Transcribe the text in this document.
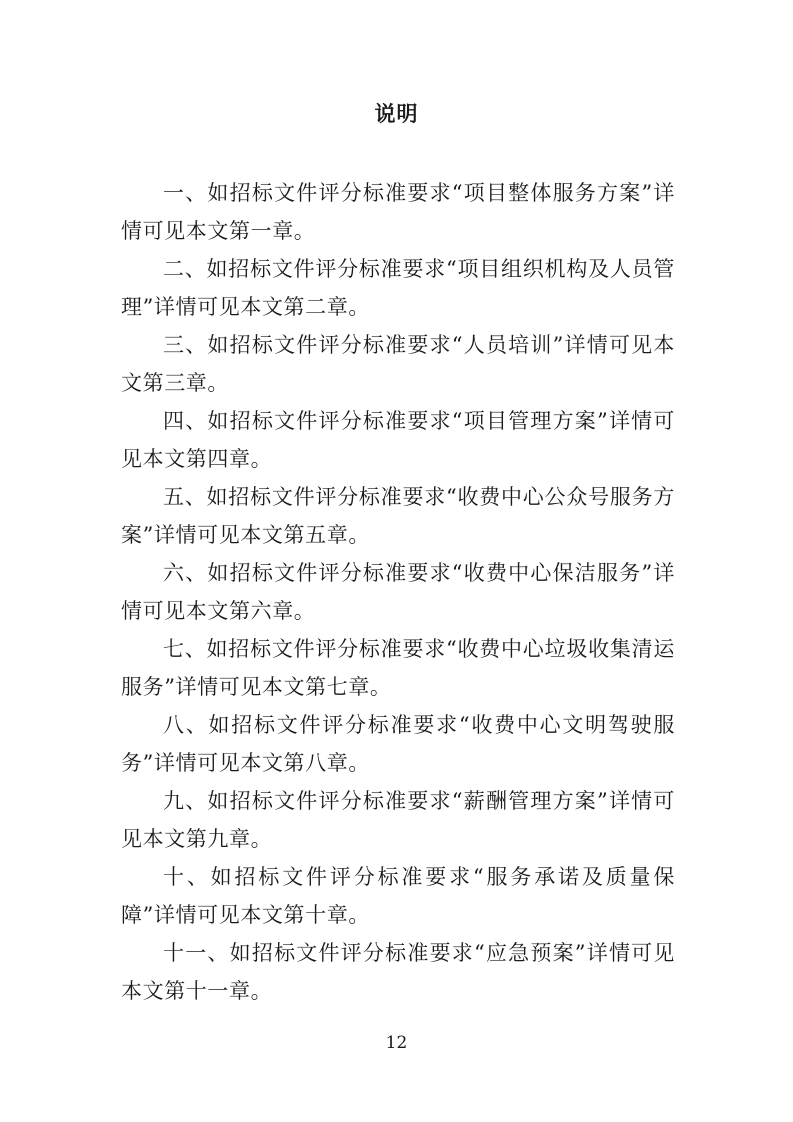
说明

一、如招标文件评分标准要求“项目整体服务方案”详情可见本文第一章。

二、如招标文件评分标准要求“项目组织机构及人员管理”详情可见本文第二章。

三、如招标文件评分标准要求“人员培训”详情可见本文第三章。

四、如招标文件评分标准要求“项目管理方案”详情可见本文第四章。

五、如招标文件评分标准要求“收费中心公众号服务方案”详情可见本文第五章。

六、如招标文件评分标准要求“收费中心保洁服务”详情可见本文第六章。

七、如招标文件评分标准要求“收费中心垃圾收集清运服务”详情可见本文第七章。

八、如招标文件评分标准要求“收费中心文明驾驶服务”详情可见本文第八章。

九、如招标文件评分标准要求“薪酬管理方案”详情可见本文第九章。

十、如招标文件评分标准要求“服务承诺及质量保障”详情可见本文第十章。

十一、如招标文件评分标准要求“应急预案”详情可见本文第十一章。

12
